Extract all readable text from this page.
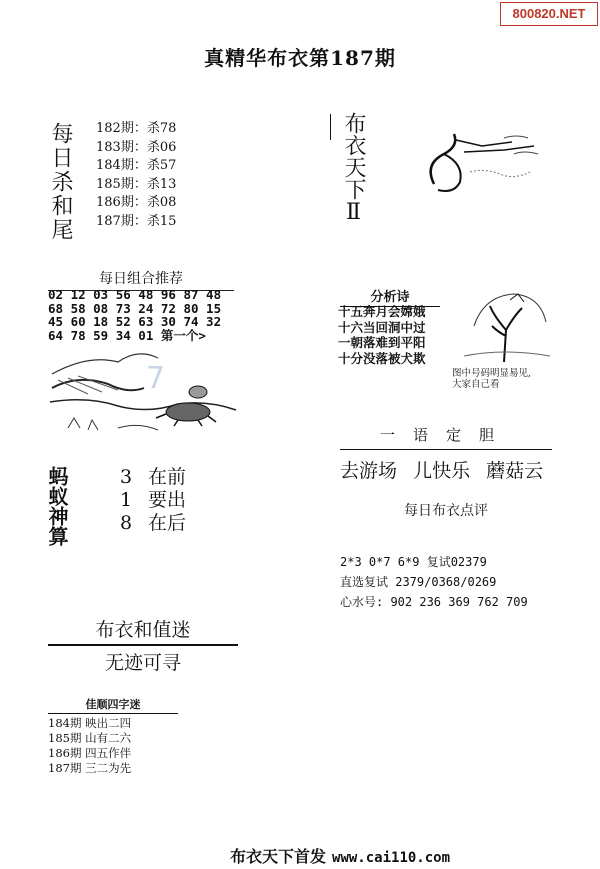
800820.NET
真精华布衣第187期
每日杀和尾 182期：杀78
183期：杀06
184期：杀57
185期：杀13
186期：杀08
187期：杀15
每日组合推荐
02 12 03 56 48 96 87 48
68 58 08 73 24 72 80 15
45 60 18 52 63 30 74 32
64 78 59 34 01 第一个>
7
蚂蚁神算	3 在前
1 要出
8 在后
布衣和值迷
无迹可寻
佳顺四字迷
184期 映出二四
185期 山有二六
186期 四五作伴
187期 三二为先
布衣天下Ⅱ
分析诗
十五奔月会嫦娥
十六当回洞中过
一朝落难到平阳
十分没落被犬欺
图中号码明显易见,
大家自己看
一语定胆
去游场 儿快乐 蘑菇云
每日布衣点评
2*3 0*7 6*9 复试02379
直选复试 2379/0368/0269
心水号: 902 236 369 762 709
布衣天下首发 www.cai110.com
